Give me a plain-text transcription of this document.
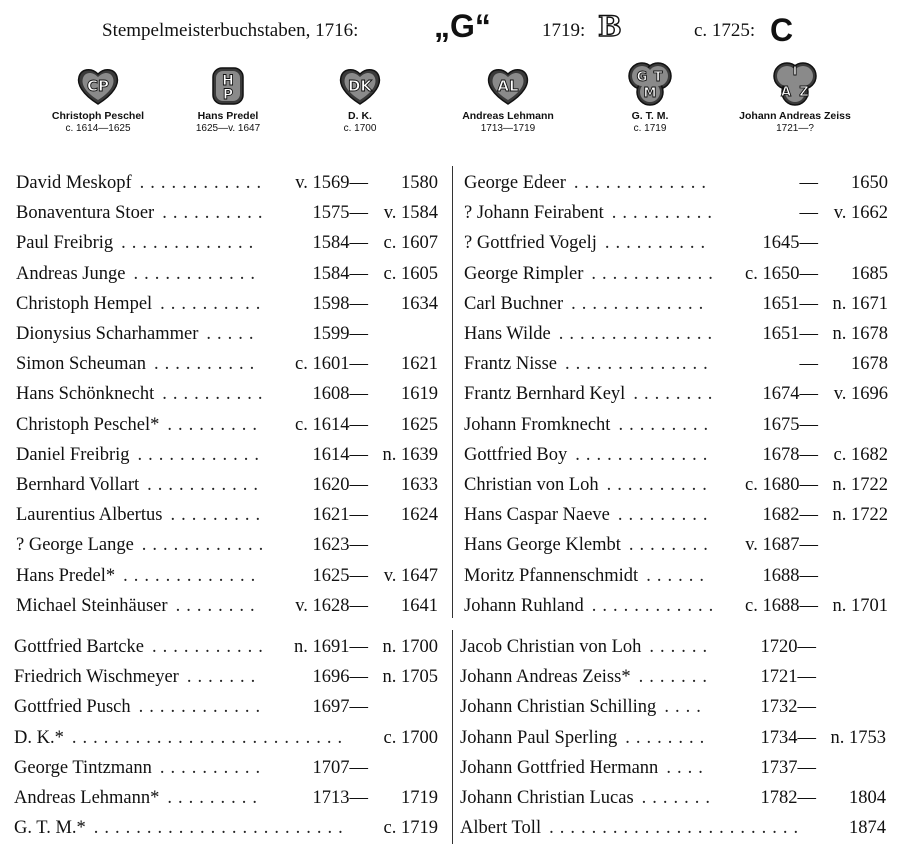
Stempelmeisterbuchstaben, 1716: „G“	1719: B	c. 1725: C
CP
Christoph Peschel
c. 1614—1625
H
P
Hans Predel
1625—v. 1647
DK
D. K.
c. 1700
AL
Andreas Lehmann
1713—1719
G T
M
G. T. M.
c. 1719
I
A Z
Johann Andreas Zeiss
1721—?
David Meskopf	v. 1569—	1580
............
Bonaventura Stoer	1575— v. 1584
..........
Paul Freibrig	1584— c. 1607
.............
Andreas Junge	1584— c. 1605
............
Christoph Hempel	1598—	1634
..........
Dionysius Scharhammer	1599—
.....
Simon Scheuman	c. 1601—	1621
..........
Hans Schönknecht	1608—	1619
..........
Christoph Peschel*	c. 1614—	1625
.........
Daniel Freibrig	1614— n. 1639
............
Bernhard Vollart	1620—	1633
...........
Laurentius Albertus	1621—	1624
.........
? George Lange	1623—
............
Hans Predel*	1625— v. 1647
.............
Michael Steinhäuser	v. 1628—	1641
........
George Edeer	—	1650
.............
? Johann Feirabent	— v. 1662
..........
? Gottfried Vogelj	1645—
..........
George Rimpler	c. 1650—	1685
............
Carl Buchner	1651— n. 1671
.............
Hans Wilde	1651— n. 1678
...............
Frantz Nisse	—	1678
..............
Frantz Bernhard Keyl	1674— v. 1696
........
Johann Fromknecht	1675—
.........
Gottfried Boy	1678— c. 1682
.............
Christian von Loh	c. 1680— n. 1722
..........
Hans Caspar Naeve	1682— n. 1722
.........
Hans George Klembt	v. 1687—
........
Moritz Pfannenschmidt	1688—
......
Johann Ruhland	c. 1688— n. 1701
............
Gottfried Bartcke	n. 1691— n. 1700
...........
Friedrich Wischmeyer	1696— n. 1705
.......
Gottfried Pusch	1697—
............
D. K.*	c. 1700
..........................
George Tintzmann	1707—
..........
Andreas Lehmann*	1713—	1719
.........
G. T. M.*	c. 1719
........................
Jacob Christian von Loh	1720—
......
Johann Andreas Zeiss*	1721—
.......
Johann Christian Schilling	1732—
....
Johann Paul Sperling	1734— n. 1753
........
Johann Gottfried Hermann	1737—
....
Johann Christian Lucas	1782—	1804
.......
Albert Toll	1874
........................
